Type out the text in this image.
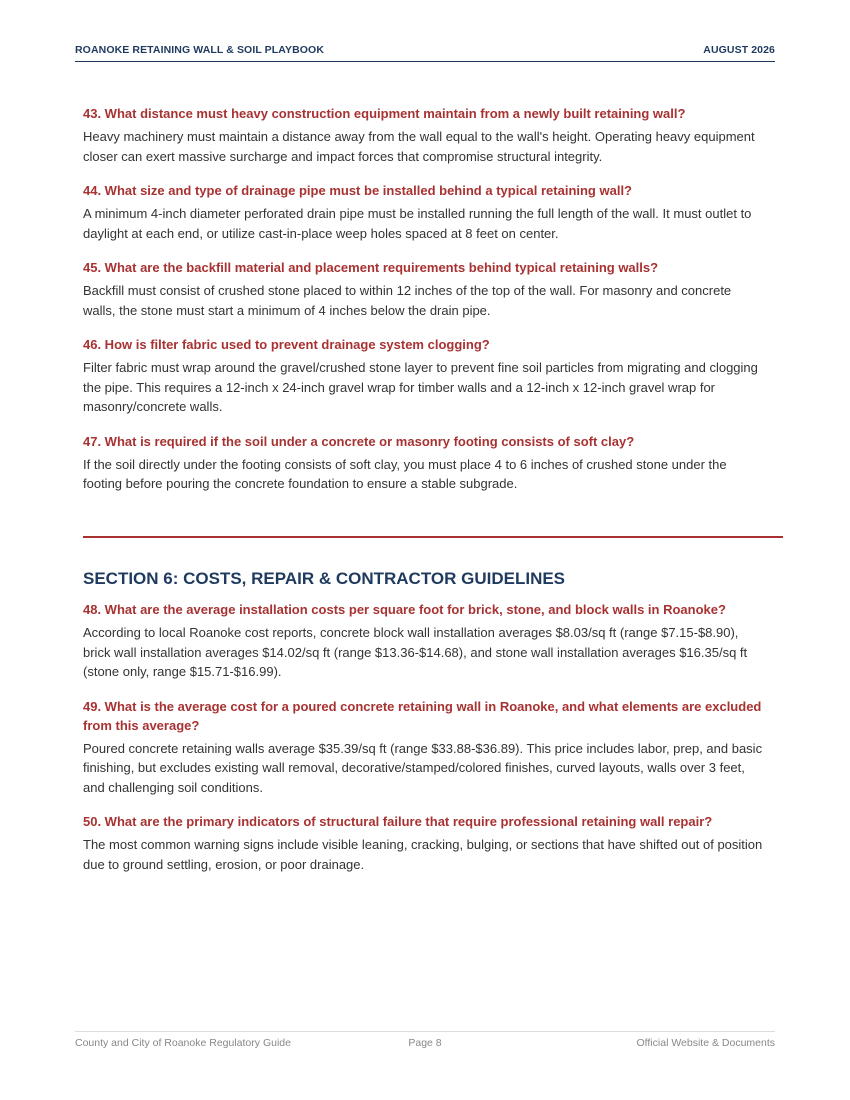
ROANOKE RETAINING WALL & SOIL PLAYBOOK	AUGUST 2026

43. What distance must heavy construction equipment maintain from a newly built retaining wall?

Heavy machinery must maintain a distance away from the wall equal to the wall's height. Operating heavy equipment closer can exert massive surcharge and impact forces that compromise structural integrity.

44. What size and type of drainage pipe must be installed behind a typical retaining wall?

A minimum 4-inch diameter perforated drain pipe must be installed running the full length of the wall. It must outlet to daylight at each end, or utilize cast-in-place weep holes spaced at 8 feet on center.

45. What are the backfill material and placement requirements behind typical retaining walls?

Backfill must consist of crushed stone placed to within 12 inches of the top of the wall. For masonry and concrete walls, the stone must start a minimum of 4 inches below the drain pipe.

46. How is filter fabric used to prevent drainage system clogging?

Filter fabric must wrap around the gravel/crushed stone layer to prevent fine soil particles from migrating and clogging the pipe. This requires a 12-inch x 24-inch gravel wrap for timber walls and a 12-inch x 12-inch gravel wrap for masonry/concrete walls.

47. What is required if the soil under a concrete or masonry footing consists of soft clay?

If the soil directly under the footing consists of soft clay, you must place 4 to 6 inches of crushed stone under the footing before pouring the concrete foundation to ensure a stable subgrade.

SECTION 6: COSTS, REPAIR & CONTRACTOR GUIDELINES

48. What are the average installation costs per square foot for brick, stone, and block walls in Roanoke?

According to local Roanoke cost reports, concrete block wall installation averages $8.03/sq ft (range $7.15-$8.90), brick wall installation averages $14.02/sq ft (range $13.36-$14.68), and stone wall installation averages $16.35/sq ft (stone only, range $15.71-$16.99).

49. What is the average cost for a poured concrete retaining wall in Roanoke, and what elements are excluded from this average?

Poured concrete retaining walls average $35.39/sq ft (range $33.88-$36.89). This price includes labor, prep, and basic finishing, but excludes existing wall removal, decorative/stamped/colored finishes, curved layouts, walls over 3 feet, and challenging soil conditions.

50. What are the primary indicators of structural failure that require professional retaining wall repair?

The most common warning signs include visible leaning, cracking, bulging, or sections that have shifted out of position due to ground settling, erosion, or poor drainage.

County and City of Roanoke Regulatory Guide	Page 8	Official Website & Documents
